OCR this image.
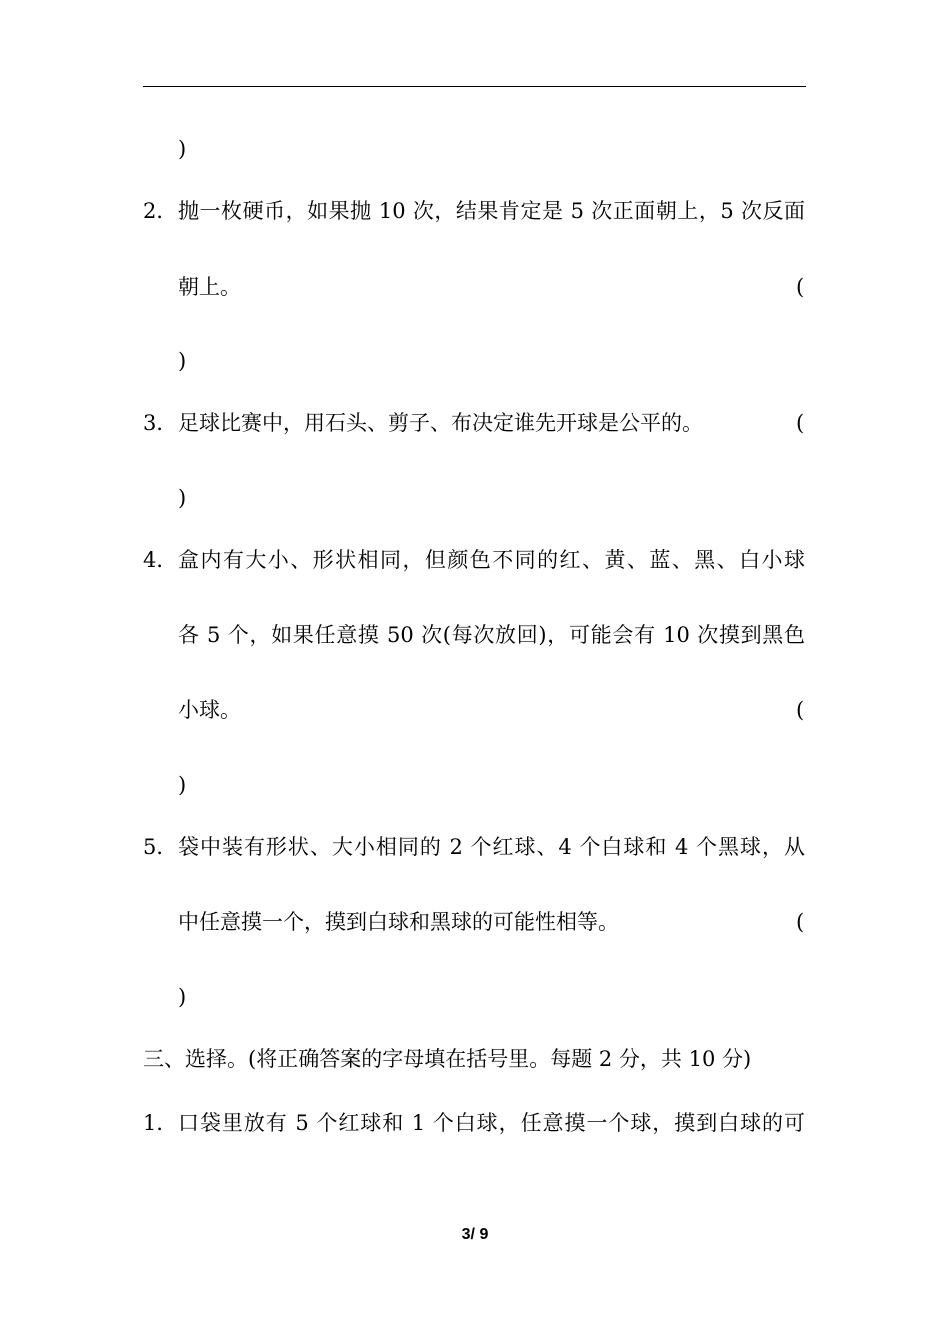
)
2． 抛一枚硬币，如果抛 10 次，结果肯定是 5 次正面朝上，5 次反面
朝上。	(
)
3． 足球比赛中，用石头、剪子、布决定谁先开球是公平的。	(
)
4． 盒内有大小、形状相同，但颜色不同的红、黄、蓝、黑、白小球
各 5 个，如果任意摸 50 次(每次放回)，可能会有 10 次摸到黑色
小球。	(
)
5． 袋中装有形状、大小相同的 2 个红球、4 个白球和 4 个黑球，从
中任意摸一个，摸到白球和黑球的可能性相等。	(
)
三、选择。(将正确答案的字母填在括号里。每题 2 分，共 10 分)
1． 口袋里放有 5 个红球和 1 个白球，任意摸一个球，摸到白球的可
3/ 9
